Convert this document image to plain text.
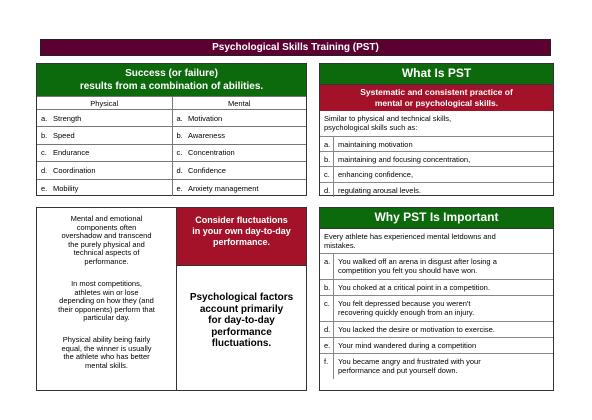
Psychological Skills Training (PST)
Success (or failure)
results from a combination of abilities.
Physical		Mental	
a.	Strength	a.	Motivation
b.	Speed	b.	Awareness
c.	Endurance	c.	Concentration
d.	Coordination	d.	Confidence
e.	Mobility	e.	Anxiety management
What Is PST
Systematic and consistent practice of
mental or psychological skills.
Similar to physical and technical skills,
psychological skills such as:
a.	maintaining motivation
b.	maintaining and focusing concentration,
c.	enhancing confidence,
d.	regulating arousal levels.

Mental and emotional
components often
overshadow and transcend
the purely physical and
technical aspects of
performance.

In most competitions,
athletes win or lose
depending on how they (and
their opponents) perform that
particular day.

Physical ability being fairly
equal, the winner is usually
the athlete who has better
mental skills.

Consider fluctuations
in your own day-to-day
performance.
Psychological factors
account primarily
for day-to-day
performance
fluctuations.
Why PST Is Important
Every athlete has experienced mental letdowns and
mistakes.
a.	You walked off an arena in disgust after losing a
competition you felt you should have won.
b.	You choked at a critical point in a competition.
c.	You felt depressed because you weren't
recovering quickly enough from an injury.
d.	You lacked the desire or motivation to exercise.
e.	Your mind wandered during a competition
f.	You became angry and frustrated with your
performance and put yourself down.
